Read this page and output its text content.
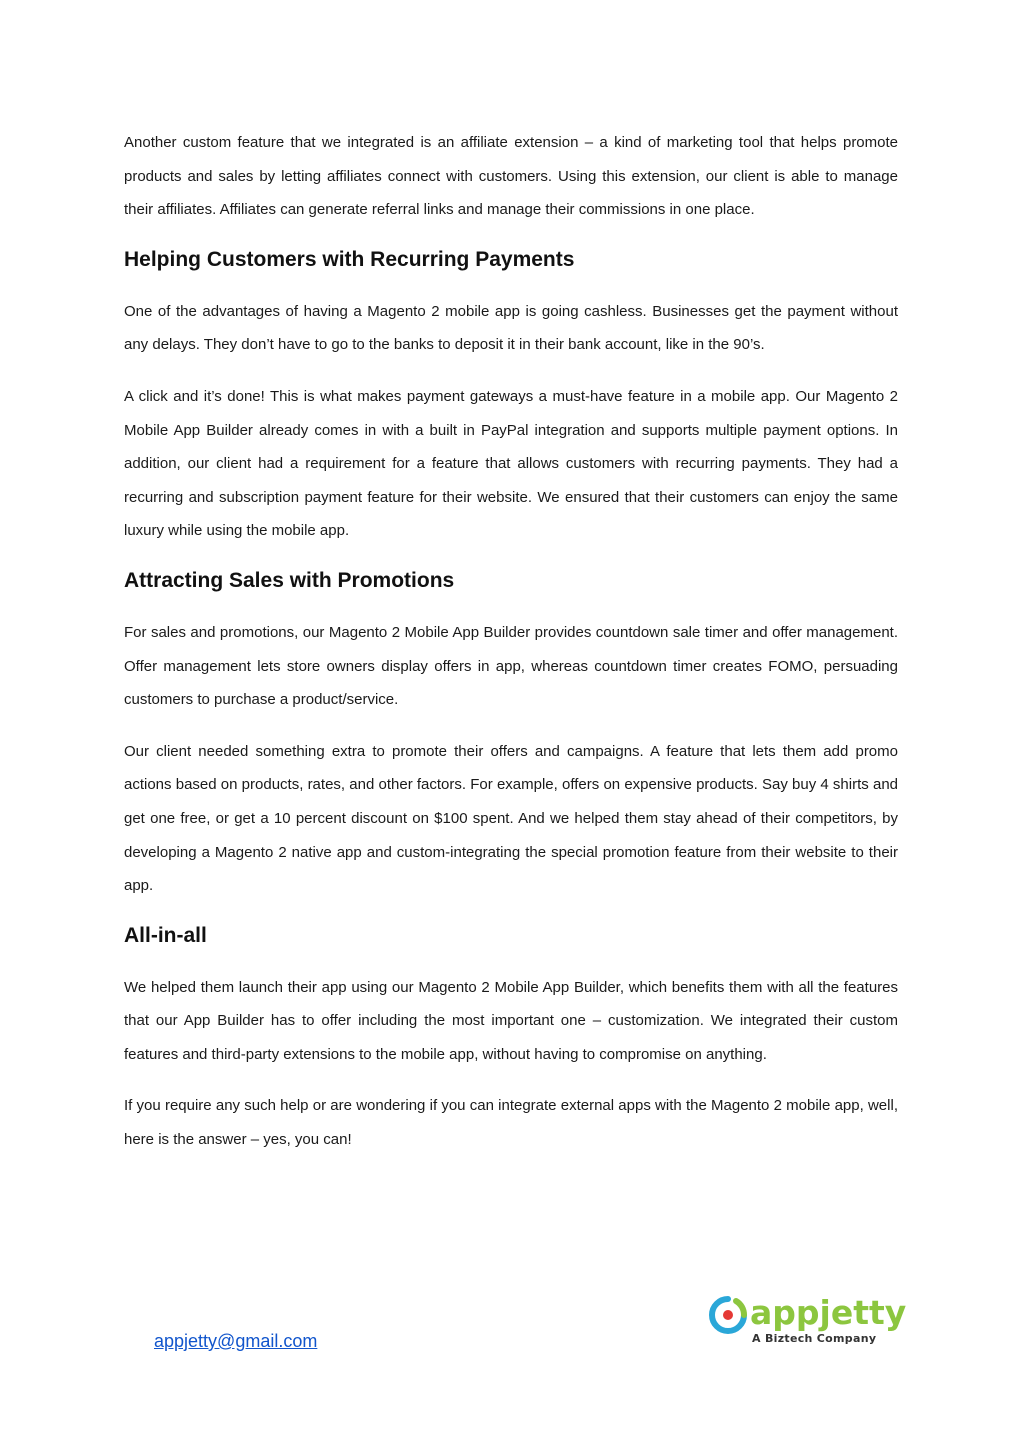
Another custom feature that we integrated is an affiliate extension – a kind of marketing tool that helps promote products and sales by letting affiliates connect with customers. Using this extension, our client is able to manage their affiliates. Affiliates can generate referral links and manage their commissions in one place.

Helping Customers with Recurring Payments

One of the advantages of having a Magento 2 mobile app is going cashless. Businesses get the payment without any delays. They don’t have to go to the banks to deposit it in their bank account, like in the 90’s.

A click and it’s done! This is what makes payment gateways a must-have feature in a mobile app. Our Magento 2 Mobile App Builder already comes in with a built in PayPal integration and supports multiple payment options. In addition, our client had a requirement for a feature that allows customers with recurring payments. They had a recurring and subscription payment feature for their website. We ensured that their customers can enjoy the same luxury while using the mobile app.

Attracting Sales with Promotions

For sales and promotions, our Magento 2 Mobile App Builder provides countdown sale timer and offer management. Offer management lets store owners display offers in app, whereas countdown timer creates FOMO, persuading customers to purchase a product/service.

Our client needed something extra to promote their offers and campaigns. A feature that lets them add promo actions based on products, rates, and other factors. For example, offers on expensive products. Say buy 4 shirts and get one free, or get a 10 percent discount on $100 spent. And we helped them stay ahead of their competitors, by developing a Magento 2 native app and custom-integrating the special promotion feature from their website to their app.

All-in-all

We helped them launch their app using our Magento 2 Mobile App Builder, which benefits them with all the features that our App Builder has to offer including the most important one – customization. We integrated their custom features and third-party extensions to the mobile app, without having to compromise on anything.

If you require any such help or are wondering if you can integrate external apps with the Magento 2 mobile app, well, here is the answer – yes, you can!

appjetty@gmail.com
appjetty
A Biztech Company
